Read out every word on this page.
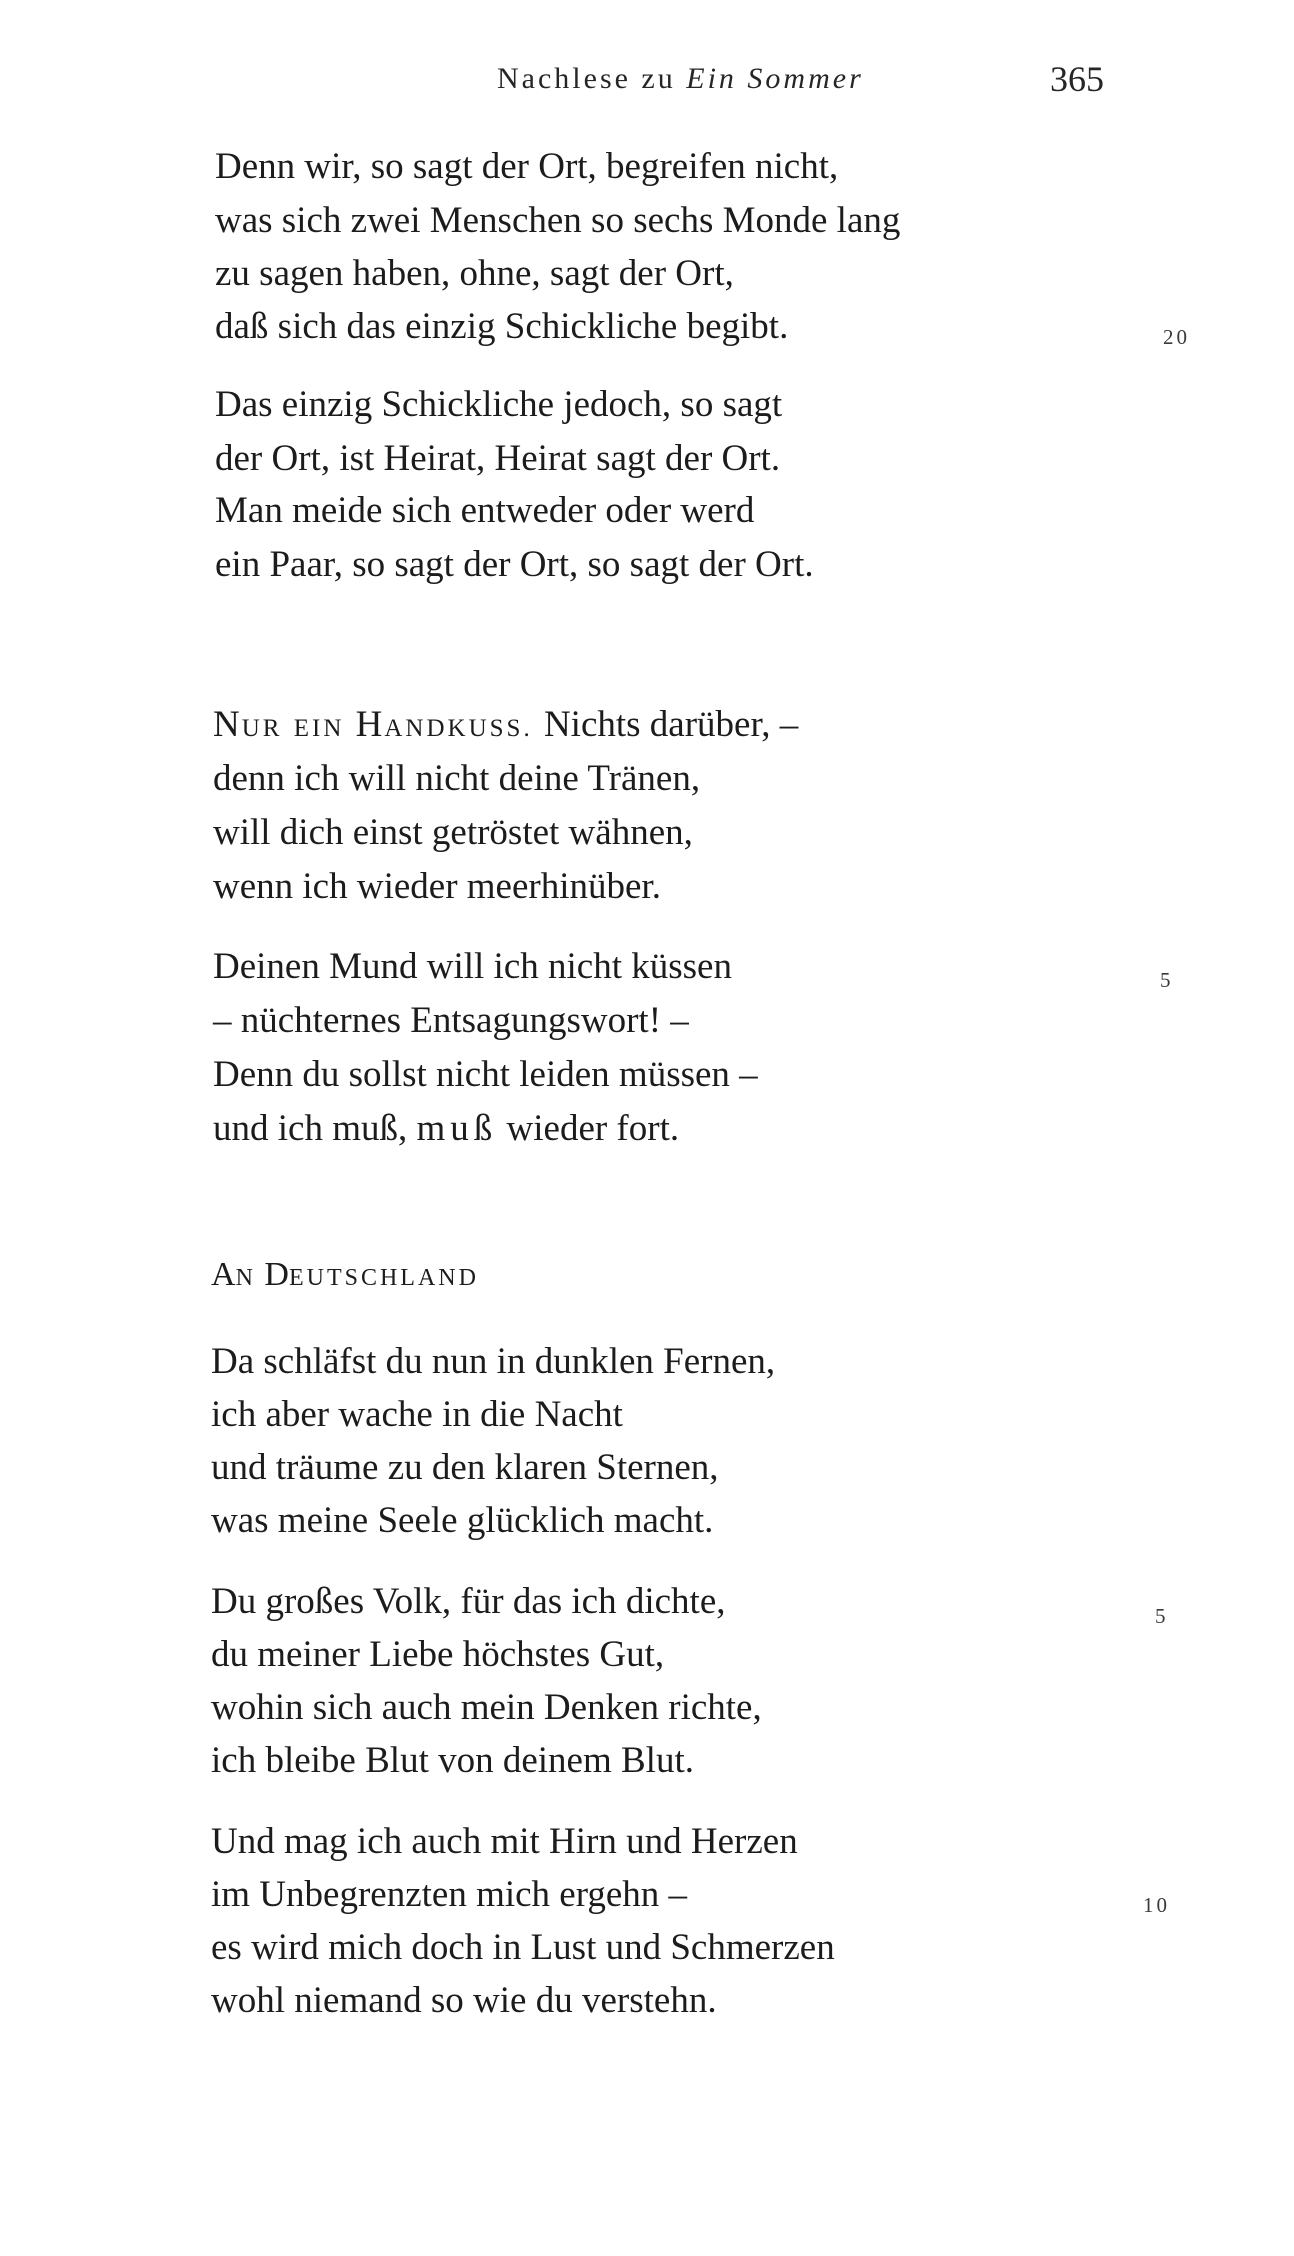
Nachlese zu Ein Sommer	365
Denn wir, so sagt der Ort, begreifen nicht,
was sich zwei Menschen so sechs Monde lang
zu sagen haben, ohne, sagt der Ort,
daß sich das einzig Schickliche begibt.	20
Das einzig Schickliche jedoch, so sagt
der Ort, ist Heirat, Heirat sagt der Ort.
Man meide sich entweder oder werd
ein Paar, so sagt der Ort, so sagt der Ort.
NUR EIN HANDKUSS. Nichts darüber, –
denn ich will nicht deine Tränen,
will dich einst getröstet wähnen,
wenn ich wieder meerhinüber.
Deinen Mund will ich nicht küssen	5
– nüchternes Entsagungswort! –
Denn du sollst nicht leiden müssen –
und ich muß, muß wieder fort.
AN DEUTSCHLAND
Da schläfst du nun in dunklen Fernen,
ich aber wache in die Nacht
und träume zu den klaren Sternen,
was meine Seele glücklich macht.
Du großes Volk, für das ich dichte,	5
du meiner Liebe höchstes Gut,
wohin sich auch mein Denken richte,
ich bleibe Blut von deinem Blut.
Und mag ich auch mit Hirn und Herzen
im Unbegrenzten mich ergehn –	10
es wird mich doch in Lust und Schmerzen
wohl niemand so wie du verstehn.
